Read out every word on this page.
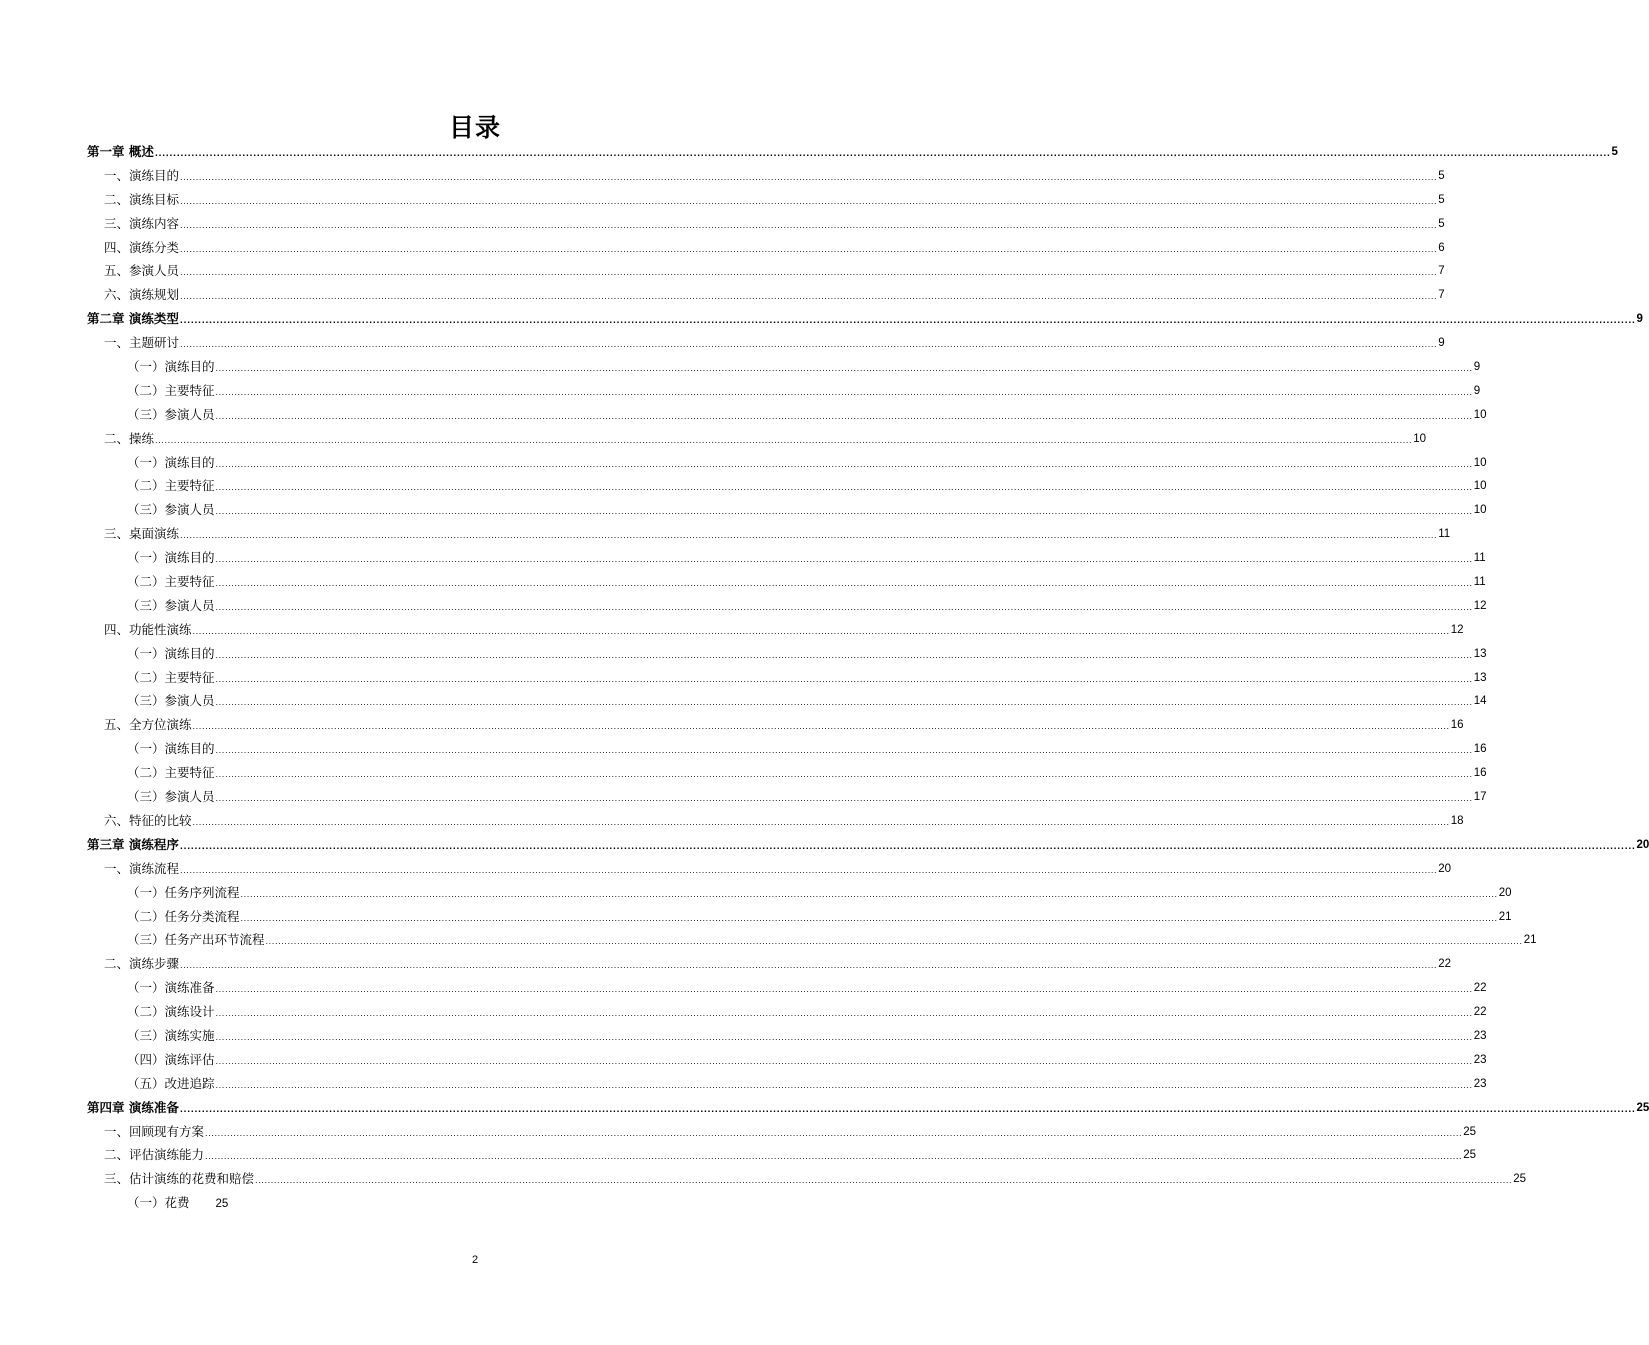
目录
第一章 概述 ................................................................................................................................................................................................................................................................................................................................................................................................................ 5
一、演练目的 ................................................................................................................................................................................................................................................................................................................................................................................................................ 5
二、演练目标 ................................................................................................................................................................................................................................................................................................................................................................................................................ 5
三、演练内容 ................................................................................................................................................................................................................................................................................................................................................................................................................ 5
四、演练分类 ................................................................................................................................................................................................................................................................................................................................................................................................................ 6
五、参演人员 ................................................................................................................................................................................................................................................................................................................................................................................................................ 7
六、演练规划 ................................................................................................................................................................................................................................................................................................................................................................................................................ 7
第二章 演练类型 ................................................................................................................................................................................................................................................................................................................................................................................................................ 9
一、主题研讨 ................................................................................................................................................................................................................................................................................................................................................................................................................ 9
（一）演练目的 ................................................................................................................................................................................................................................................................................................................................................................................................................ 9
（二）主要特征 ................................................................................................................................................................................................................................................................................................................................................................................................................ 9
（三）参演人员 ................................................................................................................................................................................................................................................................................................................................................................................................................ 10
二、操练 ................................................................................................................................................................................................................................................................................................................................................................................................................ 10
（一）演练目的 ................................................................................................................................................................................................................................................................................................................................................................................................................ 10
（二）主要特征 ................................................................................................................................................................................................................................................................................................................................................................................................................ 10
（三）参演人员 ................................................................................................................................................................................................................................................................................................................................................................................................................ 10
三、桌面演练 ................................................................................................................................................................................................................................................................................................................................................................................................................ 11
（一）演练目的 ................................................................................................................................................................................................................................................................................................................................................................................................................ 11
（二）主要特征 ................................................................................................................................................................................................................................................................................................................................................................................................................ 11
（三）参演人员 ................................................................................................................................................................................................................................................................................................................................................................................................................ 12
四、功能性演练 ................................................................................................................................................................................................................................................................................................................................................................................................................ 12
（一）演练目的 ................................................................................................................................................................................................................................................................................................................................................................................................................ 13
（二）主要特征 ................................................................................................................................................................................................................................................................................................................................................................................................................ 13
（三）参演人员 ................................................................................................................................................................................................................................................................................................................................................................................................................ 14
五、全方位演练 ................................................................................................................................................................................................................................................................................................................................................................................................................ 16
（一）演练目的 ................................................................................................................................................................................................................................................................................................................................................................................................................ 16
（二）主要特征 ................................................................................................................................................................................................................................................................................................................................................................................................................ 16
（三）参演人员 ................................................................................................................................................................................................................................................................................................................................................................................................................ 17
六、特征的比较 ................................................................................................................................................................................................................................................................................................................................................................................................................ 18
第三章 演练程序 ................................................................................................................................................................................................................................................................................................................................................................................................................ 20
一、演练流程 ................................................................................................................................................................................................................................................................................................................................................................................................................ 20
（一）任务序列流程 ................................................................................................................................................................................................................................................................................................................................................................................................................ 20
（二）任务分类流程 ................................................................................................................................................................................................................................................................................................................................................................................................................ 21
（三）任务产出环节流程 ................................................................................................................................................................................................................................................................................................................................................................................................................ 21
二、演练步骤 ................................................................................................................................................................................................................................................................................................................................................................................................................ 22
（一）演练准备 ................................................................................................................................................................................................................................................................................................................................................................................................................ 22
（二）演练设计 ................................................................................................................................................................................................................................................................................................................................................................................................................ 22
（三）演练实施 ................................................................................................................................................................................................................................................................................................................................................................................................................ 23
（四）演练评估 ................................................................................................................................................................................................................................................................................................................................................................................................................ 23
（五）改进追踪 ................................................................................................................................................................................................................................................................................................................................................................................................................ 23
第四章 演练准备 ................................................................................................................................................................................................................................................................................................................................................................................................................ 25
一、回顾现有方案 ................................................................................................................................................................................................................................................................................................................................................................................................................ 25
二、评估演练能力 ................................................................................................................................................................................................................................................................................................................................................................................................................ 25
三、估计演练的花费和赔偿 ................................................................................................................................................................................................................................................................................................................................................................................................................ 25
（一）花费 25
2
